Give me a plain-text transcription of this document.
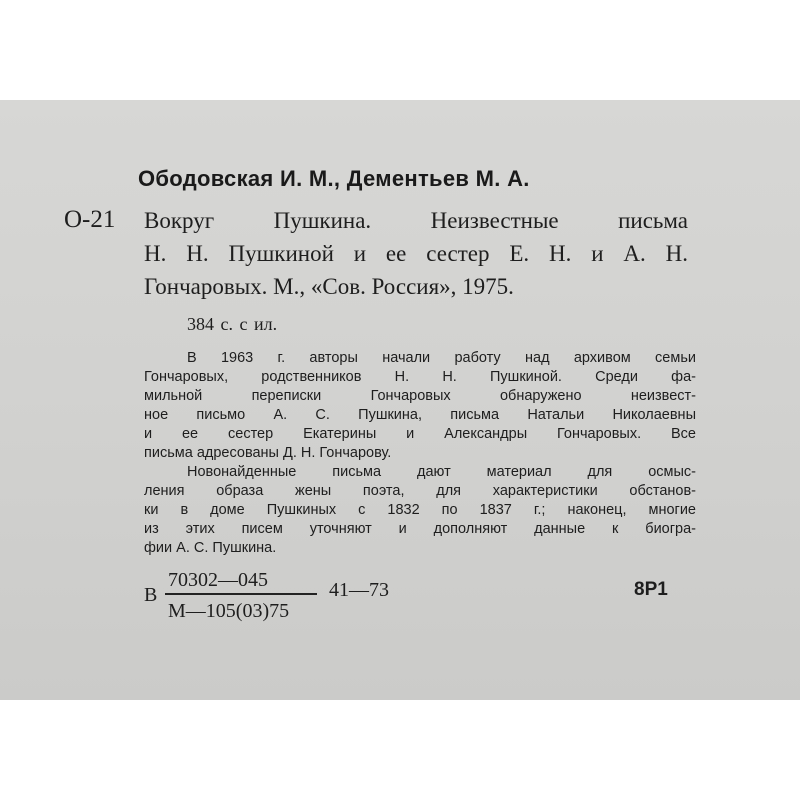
Ободовская И. М., Дементьев М. А.
О-21 Вокруг Пушкина. Неизвестные письма
Н. Н. Пушкиной и ее сестер Е. Н. и А. Н.
Гончаровых. М., «Сов. Россия», 1975.
384 с. с ил.
В 1963 г. авторы начали работу над архивом семьи
Гончаровых, родственников Н. Н. Пушкиной. Среди фа-
мильной переписки Гончаровых обнаружено неизвест-
ное письмо А. С. Пушкина, письма Натальи Николаевны
и ее сестер Екатерины и Александры Гончаровых. Все
письма адресованы Д. Н. Гончарову.
Новонайденные письма дают материал для осмыс-
ления образа жены поэта, для характеристики обстанов-
ки в доме Пушкиных с 1832 по 1837 г.; наконец, многие
из этих писем уточняют и дополняют данные к биогра-
фии А. С. Пушкина.
В
70302—045
М—105(03)75
41—73	8Р1
